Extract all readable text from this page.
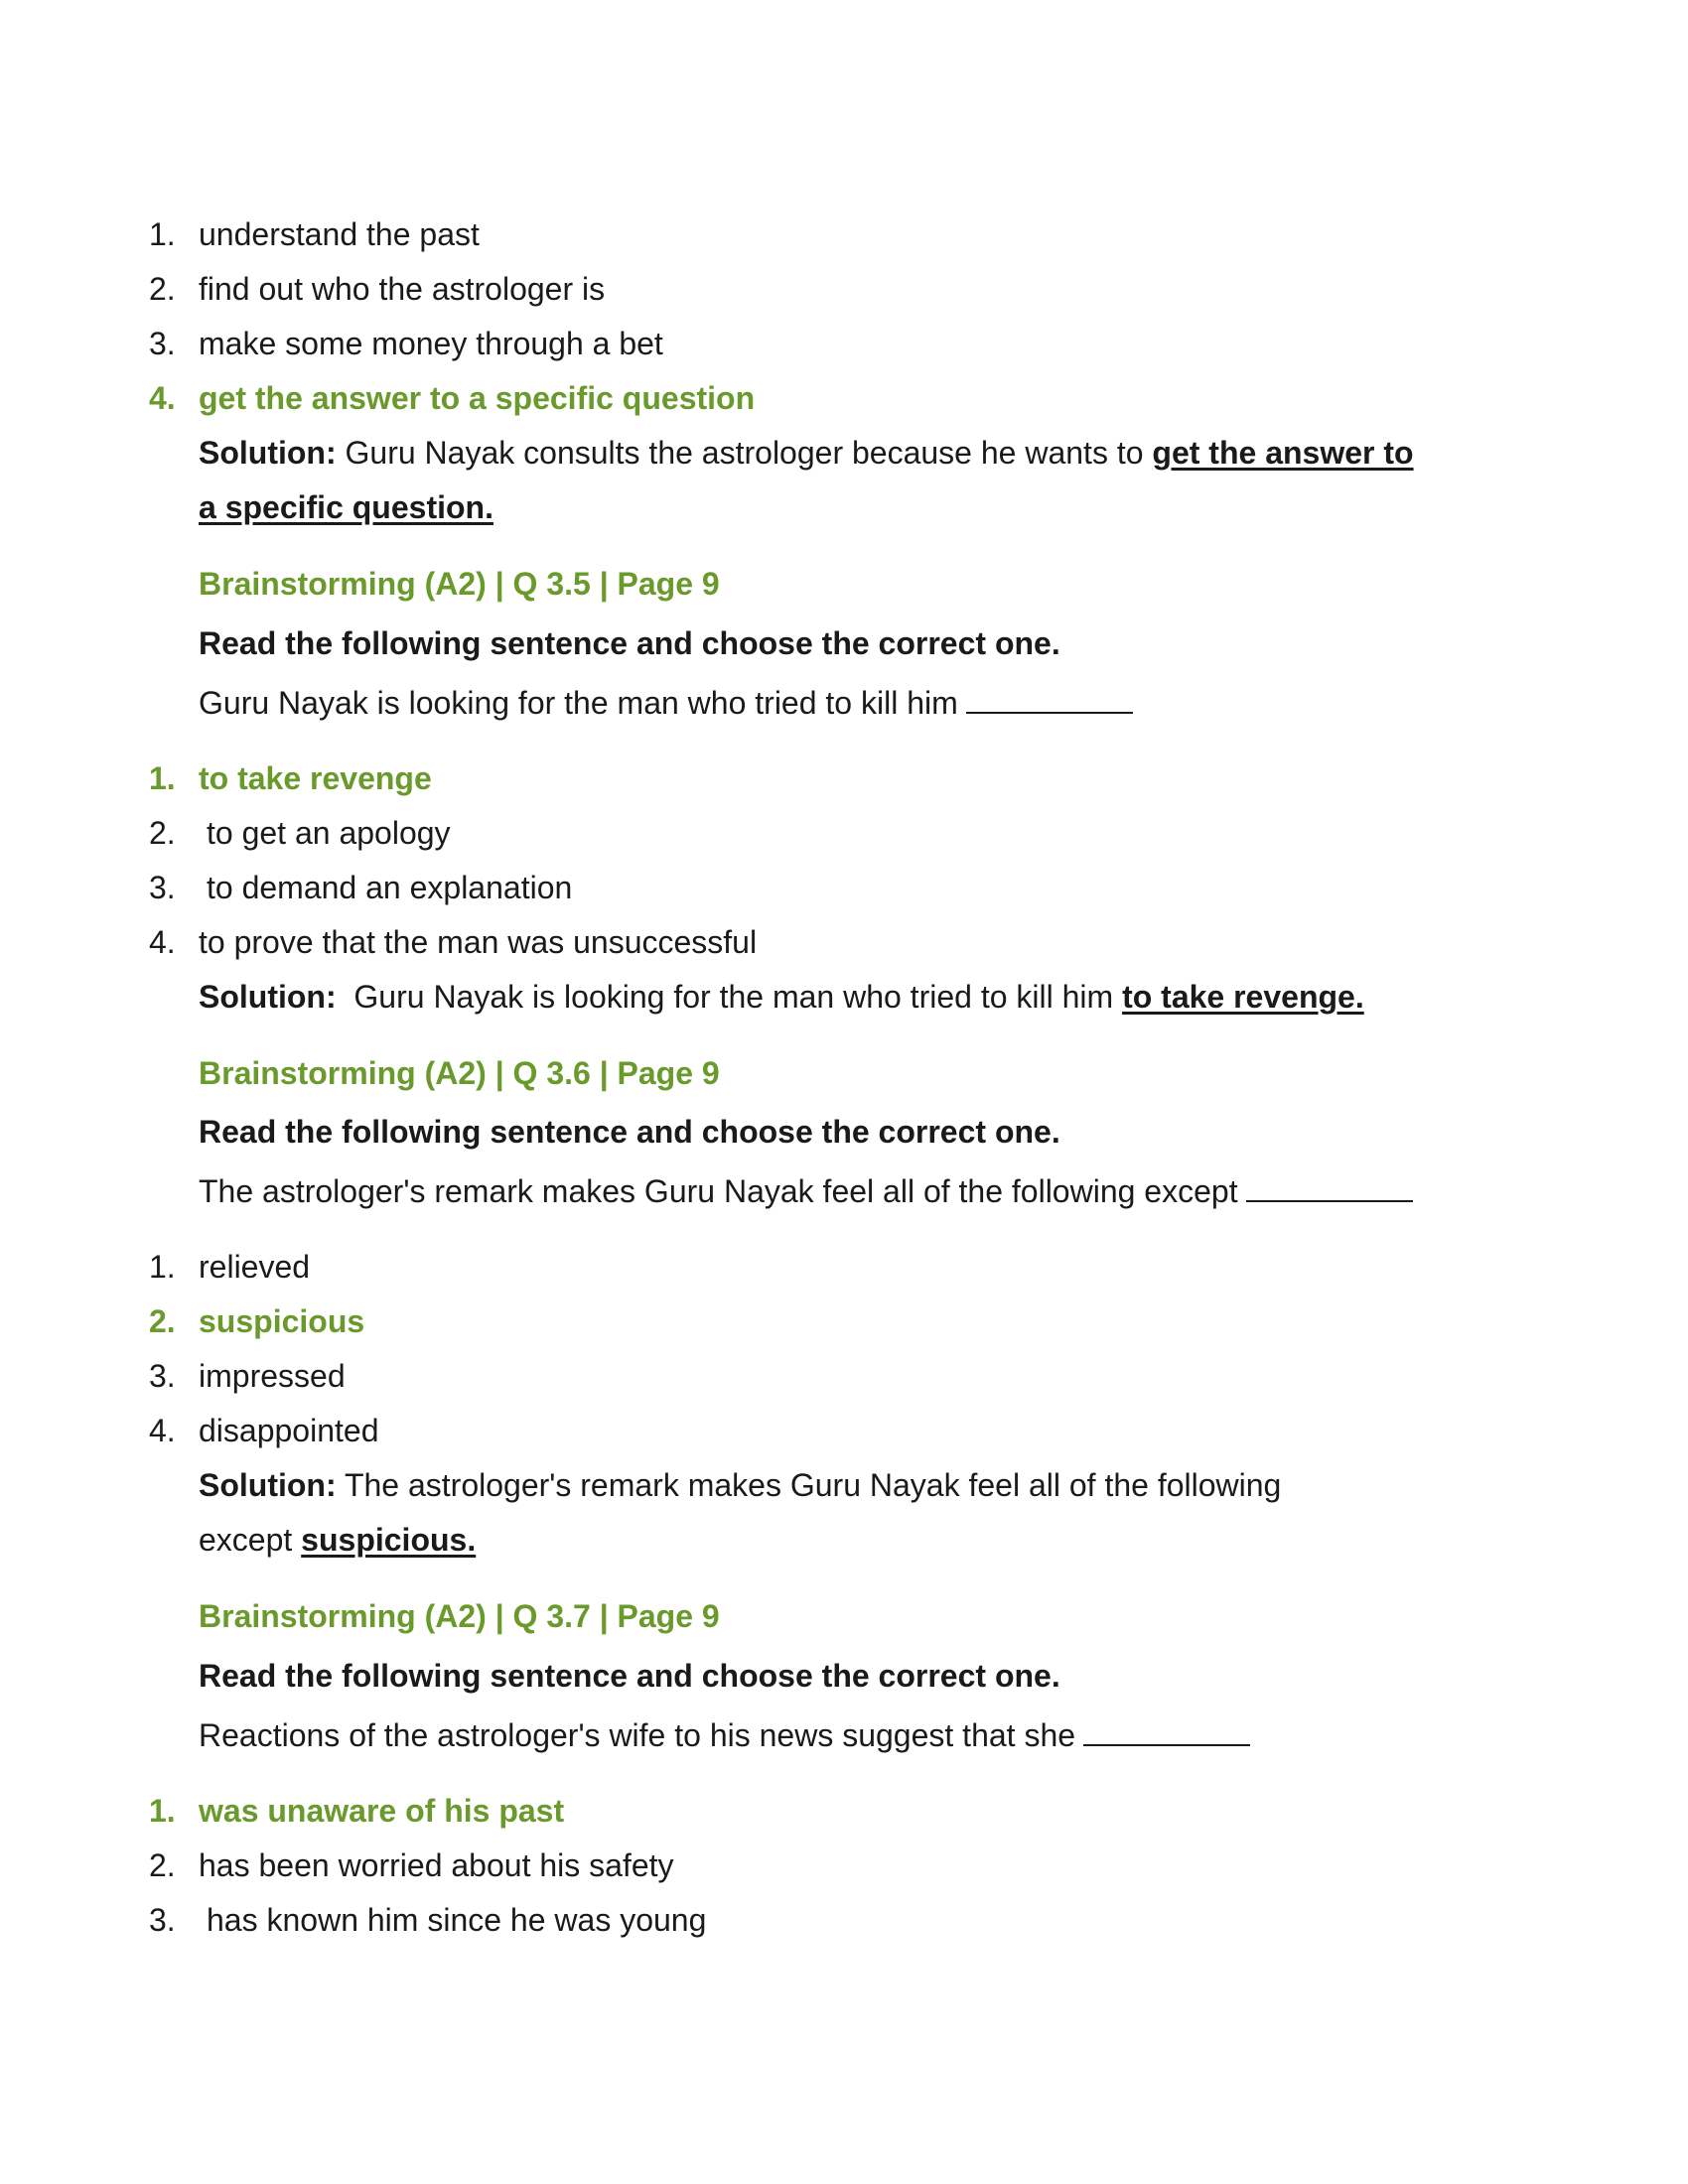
1. understand the past
2. find out who the astrologer is
3. make some money through a bet
4. get the answer to a specific question
Solution: Guru Nayak consults the astrologer because he wants to get the answer to
a specific question.
Brainstorming (A2) | Q 3.5 | Page 9
Read the following sentence and choose the correct one.
Guru Nayak is looking for the man who tried to kill him
1. to take revenge
2. to get an apology
3. to demand an explanation
4. to prove that the man was unsuccessful
Solution:  Guru Nayak is looking for the man who tried to kill him to take revenge.
Brainstorming (A2) | Q 3.6 | Page 9
Read the following sentence and choose the correct one.
The astrologer's remark makes Guru Nayak feel all of the following except
1. relieved
2. suspicious
3. impressed
4. disappointed
Solution: The astrologer's remark makes Guru Nayak feel all of the following
except suspicious.
Brainstorming (A2) | Q 3.7 | Page 9
Read the following sentence and choose the correct one.
Reactions of the astrologer's wife to his news suggest that she
1. was unaware of his past
2. has been worried about his safety
3. has known him since he was young
